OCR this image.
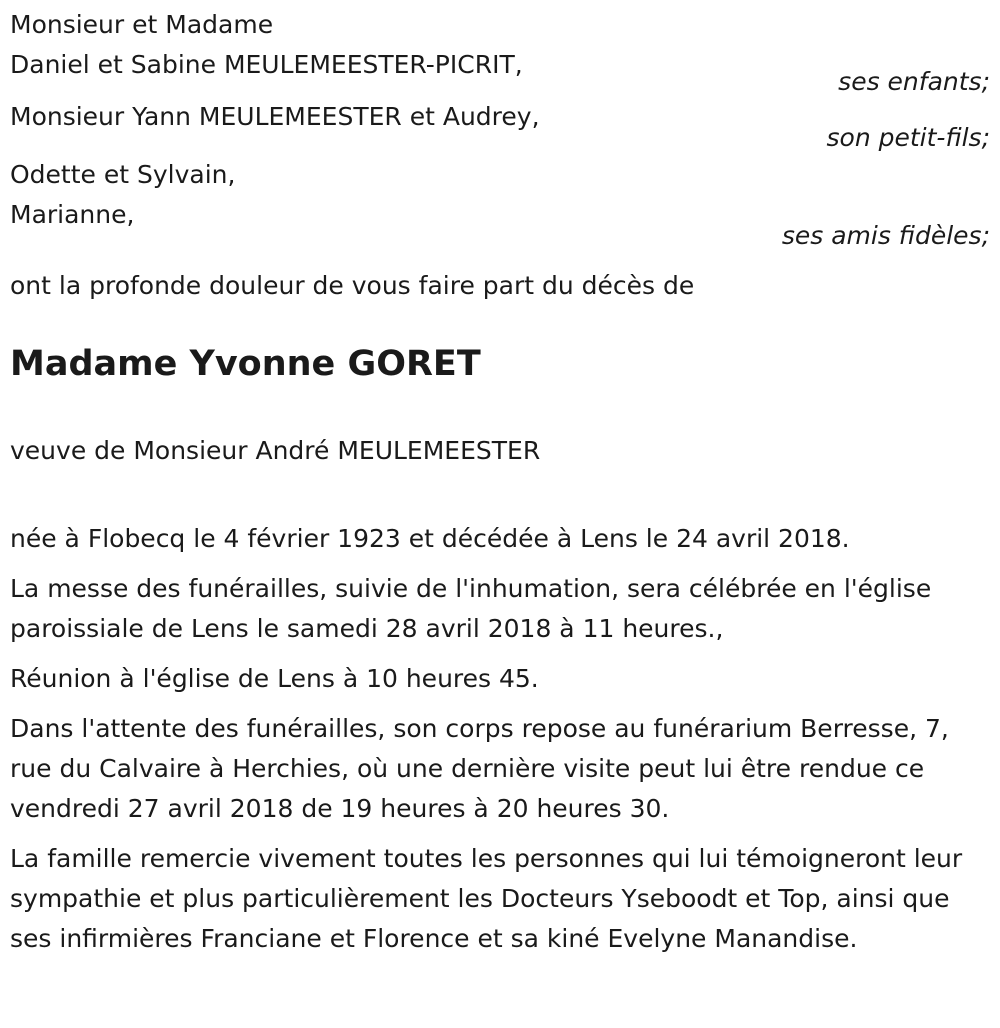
Monsieur et Madame
Daniel et Sabine MEULEMEESTER-PICRIT,
ses enfants;
Monsieur Yann MEULEMEESTER et Audrey,
son petit-fils;
Odette et Sylvain,
Marianne,
ses amis fidèles;
ont la profonde douleur de vous faire part du décès de
Madame Yvonne GORET
veuve de Monsieur André MEULEMEESTER
née à Flobecq le 4 février 1923 et décédée à Lens le 24 avril 2018.
La messe des funérailles, suivie de l'inhumation, sera célébrée en l'église paroissiale de Lens le samedi 28 avril 2018 à 11 heures.,
Réunion à l'église de Lens à 10 heures 45.
Dans l'attente des funérailles, son corps repose au funérarium Berresse, 7, rue du Calvaire à Herchies, où une dernière visite peut lui être rendue ce vendredi 27 avril 2018 de 19 heures à 20 heures 30.
La famille remercie vivement toutes les personnes qui lui témoigneront leur sympathie et plus particulièrement les Docteurs Yseboodt et Top, ainsi que ses infirmières Franciane et Florence et sa kiné Evelyne Manandise.
